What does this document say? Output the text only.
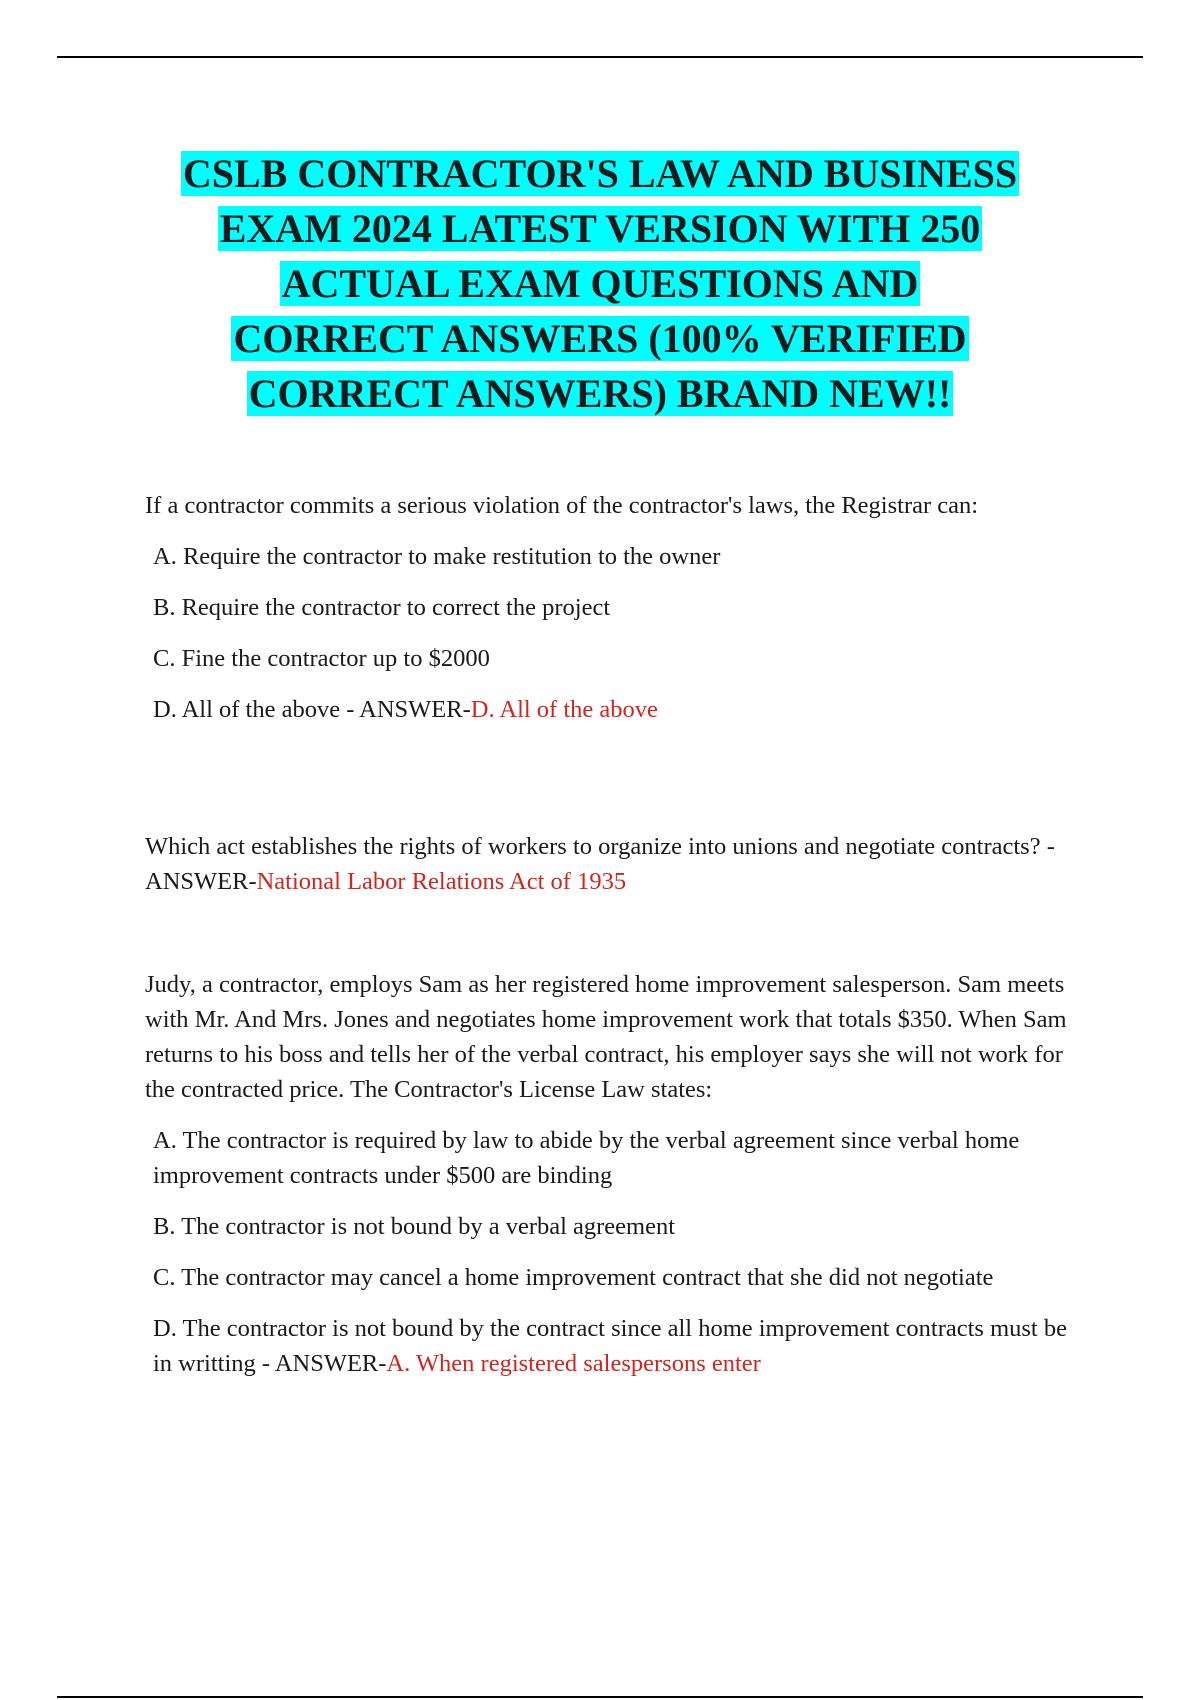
CSLB CONTRACTOR'S LAW AND BUSINESS
EXAM 2024 LATEST VERSION WITH 250
ACTUAL EXAM QUESTIONS AND
CORRECT ANSWERS (100% VERIFIED
CORRECT ANSWERS) BRAND NEW!!

If a contractor commits a serious violation of the contractor's laws, the Registrar can:

A. Require the contractor to make restitution to the owner

B. Require the contractor to correct the project

C. Fine the contractor up to $2000

D. All of the above - ANSWER-D. All of the above

Which act establishes the rights of workers to organize into unions and negotiate contracts? - ANSWER-National Labor Relations Act of 1935

Judy, a contractor, employs Sam as her registered home improvement salesperson. Sam meets with Mr. And Mrs. Jones and negotiates home improvement work that totals $350. When Sam returns to his boss and tells her of the verbal contract, his employer says she will not work for the contracted price. The Contractor's License Law states:

A. The contractor is required by law to abide by the verbal agreement since verbal home improvement contracts under $500 are binding

B. The contractor is not bound by a verbal agreement

C. The contractor may cancel a home improvement contract that she did not negotiate

D. The contractor is not bound by the contract since all home improvement contracts must be in writting - ANSWER-A. When registered salespersons enter
